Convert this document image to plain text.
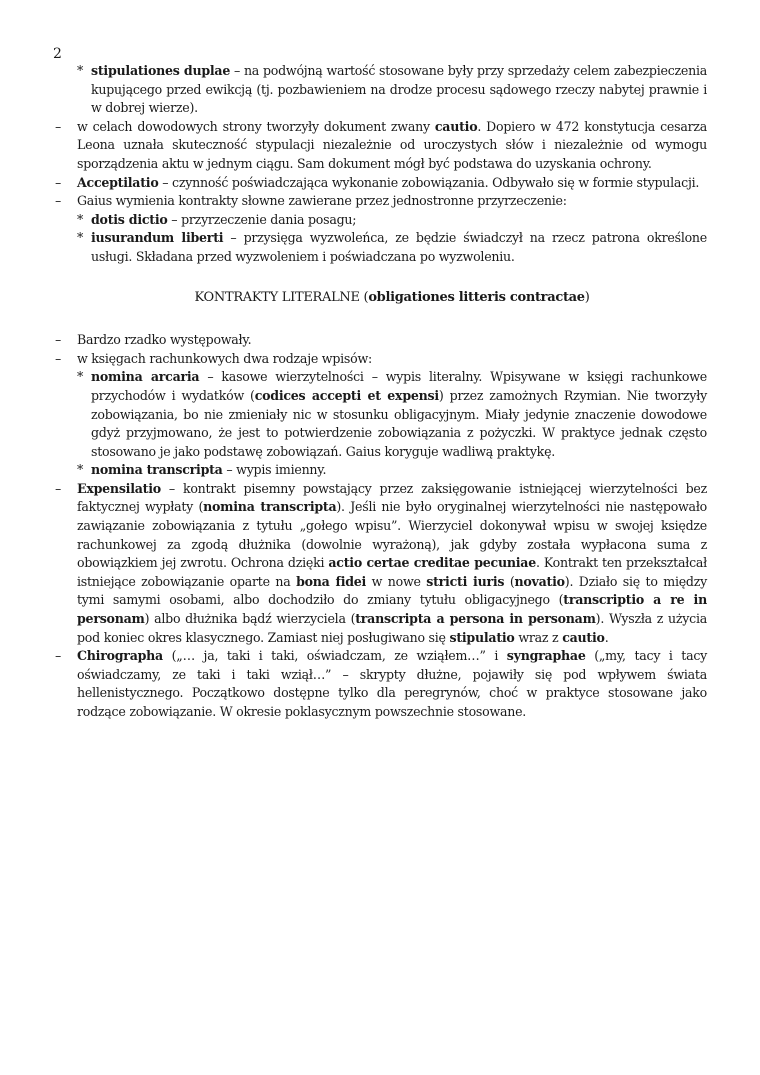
2
* stipulationes duplae – na podwójną wartość stosowane były przy sprzedaży celem zabezpieczenia kupującego przed ewikcją (tj. pozbawieniem na drodze procesu sądowego rzeczy nabytej prawnie i w dobrej wierze).
– w celach dowodowych strony tworzyły dokument zwany cautio. Dopiero w 472 konstytucja cesarza Leona uznała skuteczność stypulacji niezależnie od uroczystych słów i niezależnie od wymogu sporządzenia aktu w jednym ciągu. Sam dokument mógł być podstawa do uzyskania ochrony.
– Acceptilatio – czynność poświadczająca wykonanie zobowiązania. Odbywało się w formie stypulacji.
– Gaius wymienia kontrakty słowne zawierane przez jednostronne przyrzeczenie:
* dotis dictio – przyrzeczenie dania posagu;
* iusurandum liberti – przysięga wyzwoleńca, ze będzie świadczył na rzecz patrona określone usługi. Składana przed wyzwoleniem i poświadczana po wyzwoleniu.
KONTRAKTY LITERALNE (obligationes litteris contractae)
– Bardzo rzadko występowały.
– w księgach rachunkowych dwa rodzaje wpisów:
* nomina arcaria – kasowe wierzytelności – wypis literalny. Wpisywane w księgi rachunkowe przychodów i wydatków (codices accepti et expensi) przez zamożnych Rzymian. Nie tworzyły zobowiązania, bo nie zmieniały nic w stosunku obligacyjnym. Miały jedynie znaczenie dowodowe gdyż przyjmowano, że jest to potwierdzenie zobowiązania z pożyczki. W praktyce jednak często stosowano je jako podstawę zobowiązań. Gaius koryguje wadliwą praktykę.
* nomina transcripta – wypis imienny.
– Expensilatio – kontrakt pisemny powstający przez zaksięgowanie istniejącej wierzytelności bez faktycznej wypłaty (nomina transcripta). Jeśli nie było oryginalnej wierzytelności nie następowało zawiązanie zobowiązania z tytułu „gołego wpisu”. Wierzyciel dokonywał wpisu w swojej księdze rachunkowej za zgodą dłużnika (dowolnie wyrażoną), jak gdyby została wypłacona suma z obowiązkiem jej zwrotu. Ochrona dzięki actio certae creditae pecuniae. Kontrakt ten przekształcał istniejące zobowiązanie oparte na bona fidei w nowe stricti iuris (novatio). Działo się to między tymi samymi osobami, albo dochodziło do zmiany tytułu obligacyjnego (transcriptio a re in personam) albo dłużnika bądź wierzyciela (transcripta a persona in personam). Wyszła z użycia pod koniec okres klasycznego. Zamiast niej posługiwano się stipulatio wraz z cautio.
– Chirographa („… ja, taki i taki, oświadczam, ze wziąłem…” i syngraphae („my, tacy i tacy oświadczamy, ze taki i taki wziął…” – skrypty dłużne, pojawiły się pod wpływem świata hellenistycznego. Początkowo dostępne tylko dla peregrynów, choć w praktyce stosowane jako rodzące zobowiązanie. W okresie poklasycznym powszechnie stosowane.
